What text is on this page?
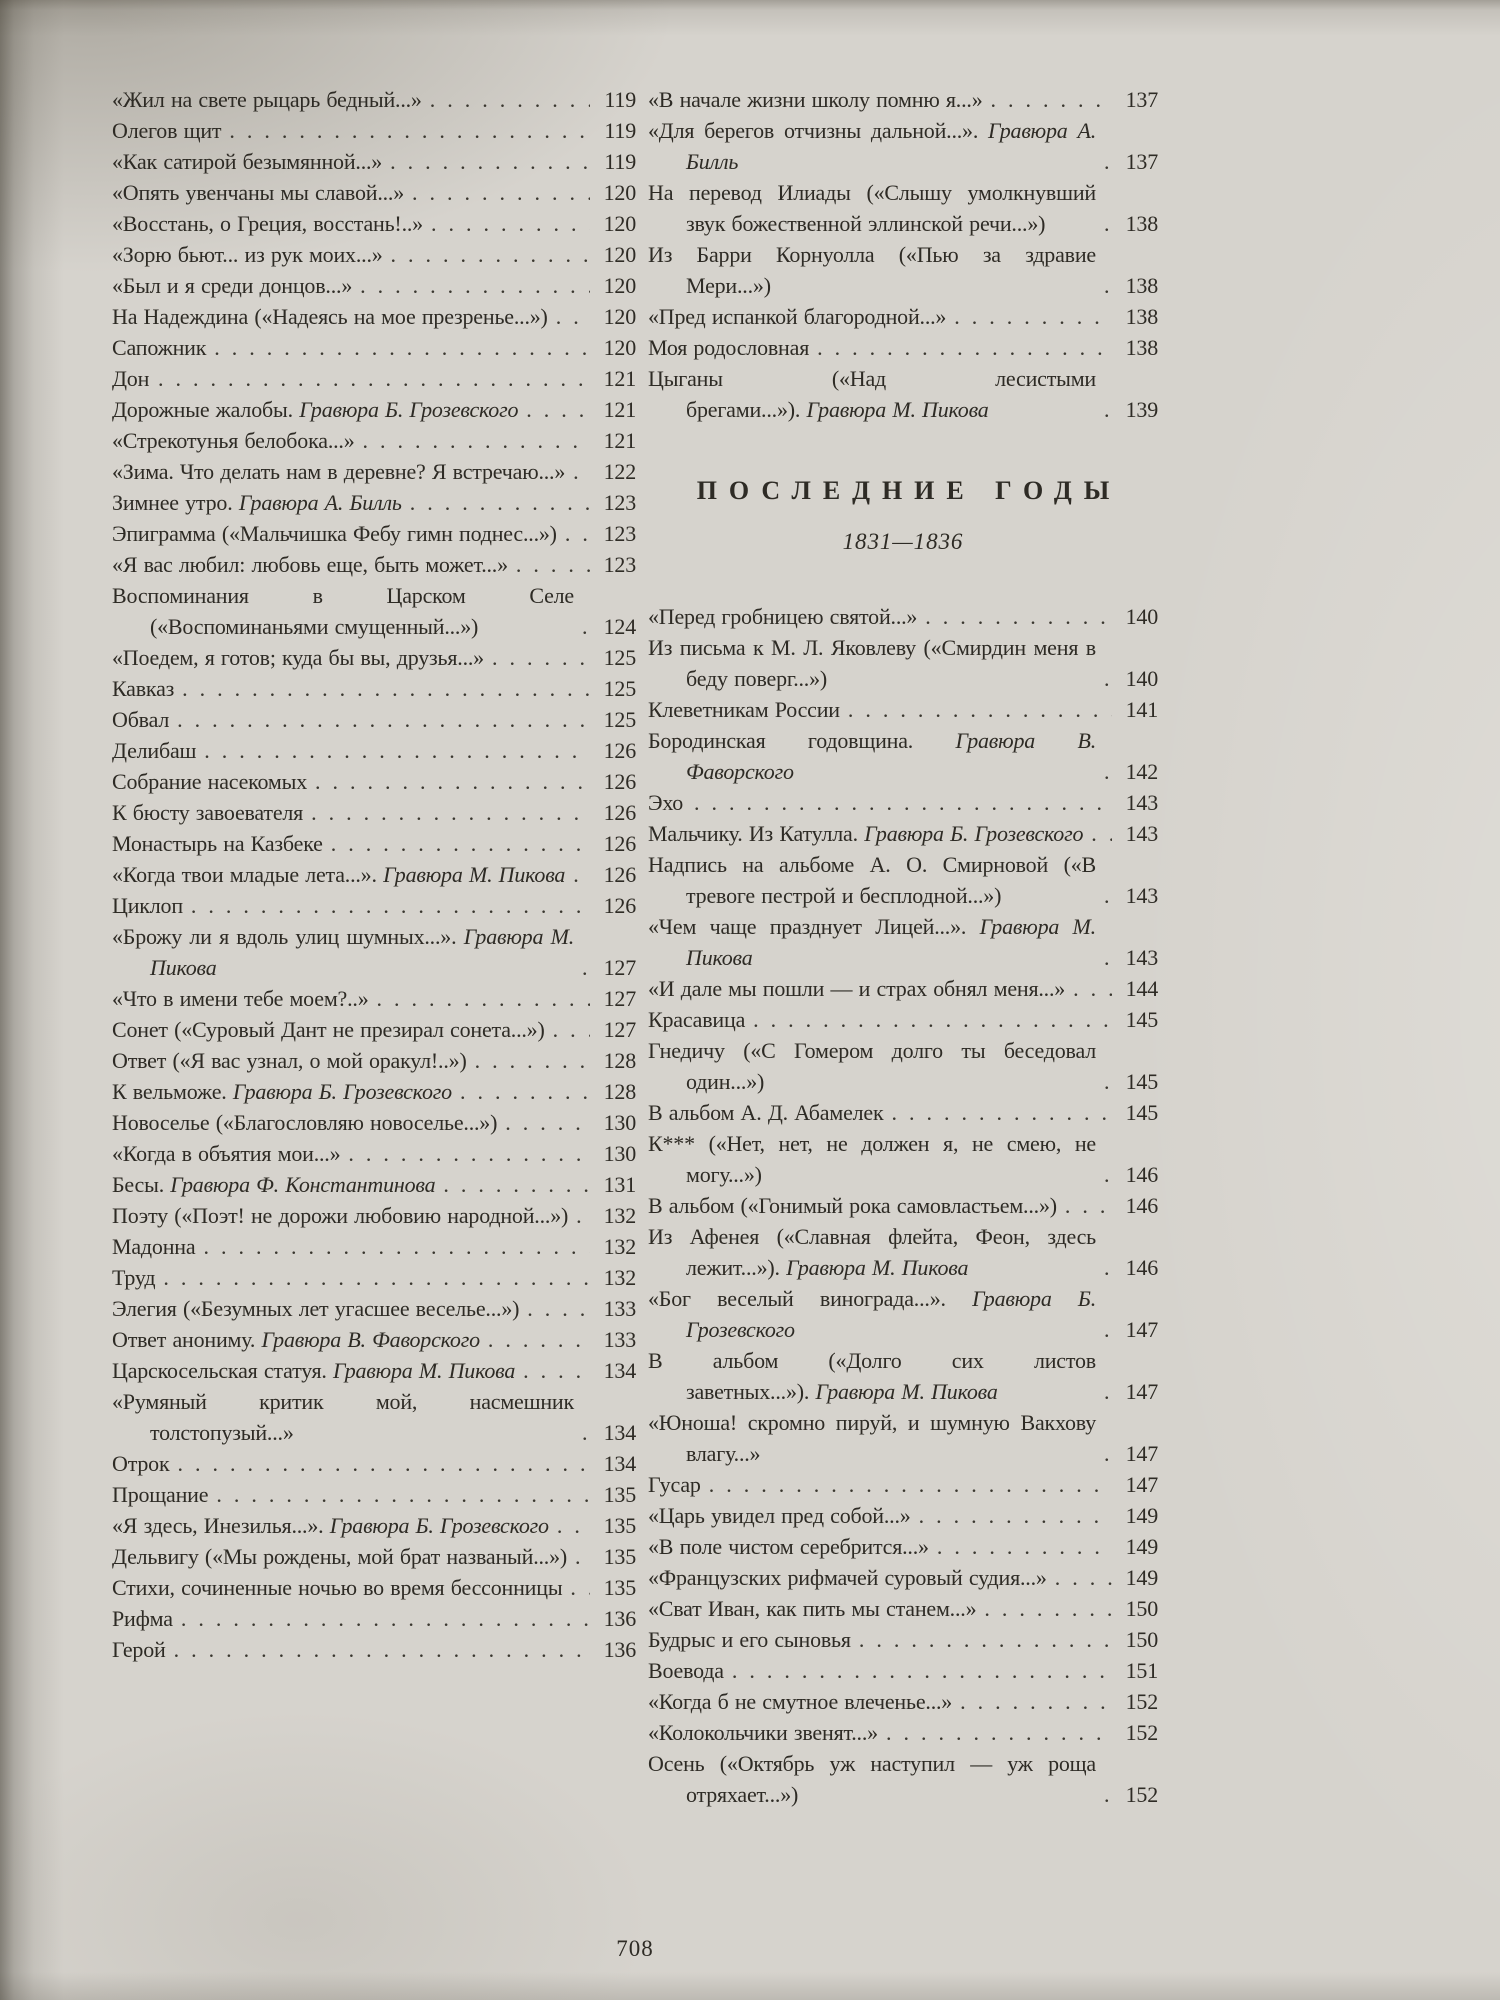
«Жил на свете рыцарь бедный...» .....	119
Олегов щит .....	119
«Как сатирой безымянной...» .....	119
«Опять увенчаны мы славой...» .....	120
«Восстань, о Греция, восстань!..» .....	120
«Зорю бьют... из рук моих...» .....	120
«Был и я среди донцов...» .....	120
На Надеждина («Надеясь на мое презренье...») .....	120
Сапожник .....	120
Дон .....	121
Дорожные жалобы. Гравюра Б. Грозевского .....	121
«Стрекотунья белобока...» .....	121
«Зима. Что делать нам в деревне? Я встречаю...» .....	122
Зимнее утро. Гравюра А. Билль .....	123
Эпиграмма («Мальчишка Фебу гимн поднес...») .....	123
«Я вас любил: любовь еще, быть может...» .....	123
Воспоминания в Царском Селе («Воспоминаньями смущенный...») .....	124
«Поедем, я готов; куда бы вы, друзья...» .....	125
Кавказ .....	125
Обвал .....	125
Делибаш .....	126
Собрание насекомых .....	126
К бюсту завоевателя .....	126
Монастырь на Казбеке .....	126
«Когда твои младые лета...». Гравюра М. Пикова .....	126
Циклоп .....	126
«Брожу ли я вдоль улиц шумных...». Гравюра М. Пикова .....	127
«Что в имени тебе моем?..» .....	127
Сонет («Суровый Дант не презирал сонета...») .....	127
Ответ («Я вас узнал, о мой оракул!..») .....	128
К вельможе. Гравюра Б. Грозевского .....	128
Новоселье («Благословляю новоселье...») .....	130
«Когда в объятия мои...» .....	130
Бесы. Гравюра Ф. Константинова .....	131
Поэту («Поэт! не дорожи любовию народной...») .....	132
Мадонна .....	132
Труд .....	132
Элегия («Безумных лет угасшее веселье...») .....	133
Ответ анониму. Гравюра В. Фаворского .....	133
Царскосельская статуя. Гравюра М. Пикова .....	134
«Румяный критик мой, насмешник толстопузый...» .....	134
Отрок .....	134
Прощание .....	135
«Я здесь, Инезилья...». Гравюра Б. Грозевского .....	135
Дельвигу («Мы рождены, мой брат названый...») .....	135
Стихи, сочиненные ночью во время бессонницы .....	135
Рифма .....	136
Герой .....	136
«В начале жизни школу помню я...» .....	137
«Для берегов отчизны дальной...». Гравюра А. Билль .....	137
На перевод Илиады («Слышу умолкнувший звук божественной эллинской речи...») .....	138
Из Барри Корнуолла («Пью за здравие Мери...») .....	138
«Пред испанкой благородной...» .....	138
Моя родословная .....	138
Цыганы («Над лесистыми брегами...»). Гравюра М. Пикова .....	139
ПОСЛЕДНИЕ ГОДЫ
1831—1836
«Перед гробницею святой...» .....	140
Из письма к М. Л. Яковлеву («Смирдин меня в беду поверг...») .....	140
Клеветникам России .....	141
Бородинская годовщина. Гравюра В. Фаворского .....	142
Эхо .....	143
Мальчику. Из Катулла. Гравюра Б. Грозевского .....	143
Надпись на альбоме А. О. Смирновой («В тревоге пестрой и бесплодной...») .....	143
«Чем чаще празднует Лицей...». Гравюра М. Пикова .....	143
«И дале мы пошли — и страх обнял меня...» .....	144
Красавица .....	145
Гнедичу («С Гомером долго ты беседовал один...») .....	145
В альбом А. Д. Абамелек .....	145
К*** («Нет, нет, не должен я, не смею, не могу...») .....	146
В альбом («Гонимый рока самовластьем...») .....	146
Из Афенея («Славная флейта, Феон, здесь лежит...»). Гравюра М. Пикова .....	146
«Бог веселый винограда...». Гравюра Б. Грозевского .....	147
В альбом («Долго сих листов заветных...»). Гравюра М. Пикова .....	147
«Юноша! скромно пируй, и шумную Вакхову влагу...» .....	147
Гусар .....	147
«Царь увидел пред собой...» .....	149
«В поле чистом серебрится...» .....	149
«Французских рифмачей суровый судия...» .....	149
«Сват Иван, как пить мы станем...» .....	150
Будрыс и его сыновья .....	150
Воевода .....	151
«Когда б не смутное влеченье...» .....	152
«Колокольчики звенят...» .....	152
Осень («Октябрь уж наступил — уж роща отряхает...») .....	152
708
